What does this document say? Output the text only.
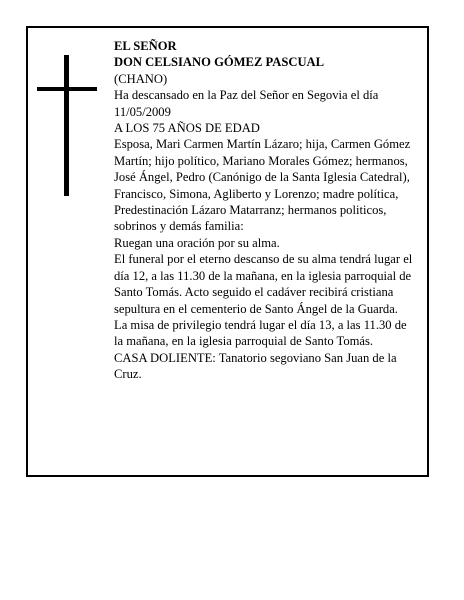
EL SEÑOR

DON CELSIANO GÓMEZ PASCUAL

(CHANO)

Ha descansado en la Paz del Señor en Segovia el día 11/05/2009

A LOS 75 AÑOS DE EDAD

Esposa, Mari Carmen Martín Lázaro; hija, Carmen Gómez Martín; hijo político, Mariano Morales Gómez; hermanos, José Ángel, Pedro (Canónigo de la Santa Iglesia Catedral), Francisco, Simona, Agliberto y Lorenzo; madre política, Predestinación Lázaro Matarranz; hermanos politicos, sobrinos y demás familia:

Ruegan una oración por su alma.

El funeral por el eterno descanso de su alma tendrá lugar el día 12, a las 11.30 de la mañana, en la iglesia parroquial de Santo Tomás. Acto seguido el cadáver recibirá cristiana sepultura en el cementerio de Santo Ángel de la Guarda. La misa de privilegio tendrá lugar el día 13, a las 11.30 de la mañana, en la iglesia parroquial de Santo Tomás.

CASA DOLIENTE: Tanatorio segoviano San Juan de la Cruz.
